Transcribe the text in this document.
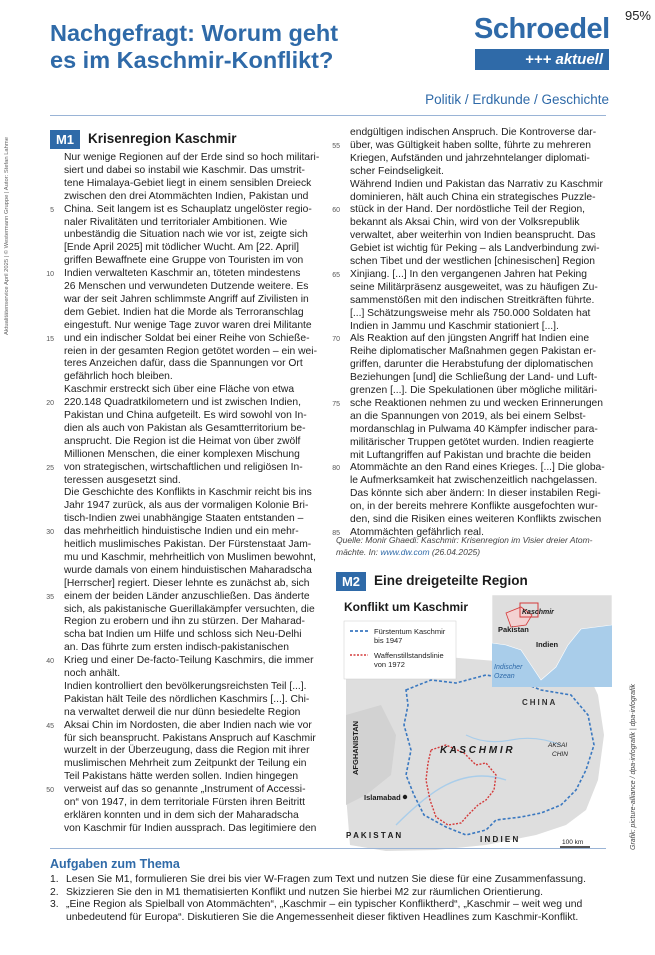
95%
Nachgefragt: Worum geht
es im Kaschmir-Konflikt?
Schroedel
+++ aktuell
Politik / Erdkunde / Geschichte
Aktualitätenservice April 2025 | © Westermann Gruppe | Autor: Stefan Lahme	M1	Krisenregion Kaschmir
Nur wenige Regionen auf der Erde sind so hoch militari-
siert und dabei so instabil wie Kaschmir. Das umstrit-
tene Himalaya-Gebiet liegt in einem sensiblen Dreieck
zwischen den drei Atommächten Indien, Pakistan und
China. Seit langem ist es Schauplatz ungelöster regio-
naler Rivalitäten und territorialer Ambitionen. Wie
unbeständig die Situation nach wie vor ist, zeigte sich
[Ende April 2025] mit tödlicher Wucht. Am [22. April]
griffen Bewaffnete eine Gruppe von Touristen im von
Indien verwalteten Kaschmir an, töteten mindestens
26 Menschen und verwundeten Dutzende weitere. Es
war der seit Jahren schlimmste Angriff auf Zivilisten in
dem Gebiet. Indien hat die Morde als Terroranschlag
eingestuft. Nur wenige Tage zuvor waren drei Militante
und ein indischer Soldat bei einer Reihe von Schieße-
reien in der gesamten Region getötet worden – ein wei-
teres Anzeichen dafür, dass die Spannungen vor Ort
gefährlich hoch bleiben.
Kaschmir erstreckt sich über eine Fläche von etwa
220.148 Quadratkilometern und ist zwischen Indien,
Pakistan und China aufgeteilt. Es wird sowohl von In-
dien als auch von Pakistan als Gesamtterritorium be-
ansprucht. Die Region ist die Heimat von über zwölf
Millionen Menschen, die einer komplexen Mischung
von strategischen, wirtschaftlichen und religiösen In-
teressen ausgesetzt sind.
Die Geschichte des Konflikts in Kaschmir reicht bis ins
Jahr 1947 zurück, als aus der vormaligen Kolonie Bri-
tisch-Indien zwei unabhängige Staaten entstanden –
das mehrheitlich hinduistische Indien und ein mehr-
heitlich muslimisches Pakistan. Der Fürstenstaat Jam-
mu und Kaschmir, mehrheitlich von Muslimen bewohnt,
wurde damals von einem hinduistischen Maharadscha
[Herrscher] regiert. Dieser lehnte es zunächst ab, sich
einem der beiden Länder anzuschließen. Das änderte
sich, als pakistanische Guerillakämpfer versuchten, die
Region zu erobern und ihn zu stürzen. Der Maharad-
scha bat Indien um Hilfe und schloss sich Neu-Delhi
an. Das führte zum ersten indisch-pakistanischen
Krieg und einer De-facto-Teilung Kaschmirs, die immer
noch anhält.
Indien kontrolliert den bevölkerungsreichsten Teil [...].
Pakistan hält Teile des nördlichen Kaschmirs [...]. Chi-
na verwaltet derweil die nur dünn besiedelte Region
Aksai Chin im Nordosten, die aber Indien nach wie vor
für sich beansprucht. Pakistans Anspruch auf Kaschmir
wurzelt in der Überzeugung, dass die Region mit ihrer
muslimischen Mehrheit zum Zeitpunkt der Teilung ein
Teil Pakistans hätte werden sollen. Indien hingegen
verweist auf das so genannte „Instrument of Accessi-
on“ von 1947, in dem territoriale Fürsten ihren Beitritt
erklären konnten und in dem sich der Maharadscha
von Kaschmir für Indien aussprach. Das legitimiere den
5
10
15
20
25
30
35
40
45
50
endgültigen indischen Anspruch. Die Kontroverse dar-
über, was Gültigkeit haben sollte, führte zu mehreren
Kriegen, Aufständen und jahrzehntelanger diplomati-
scher Feindseligkeit.
Während Indien und Pakistan das Narrativ zu Kaschmir
dominieren, hält auch China ein strategisches Puzzle-
stück in der Hand. Der nordöstliche Teil der Region,
bekannt als Aksai Chin, wird von der Volksrepublik
verwaltet, aber weiterhin von Indien beansprucht. Das
Gebiet ist wichtig für Peking – als Landverbindung zwi-
schen Tibet und der westlichen [chinesischen] Region
Xinjiang. [...] In den vergangenen Jahren hat Peking
seine Militärpräsenz ausgeweitet, was zu häufigen Zu-
sammenstößen mit den indischen Streitkräften führte.
[...] Schätzungsweise mehr als 750.000 Soldaten hat
Indien in Jammu und Kaschmir stationiert [...].
Als Reaktion auf den jüngsten Angriff hat Indien eine
Reihe diplomatischer Maßnahmen gegen Pakistan er-
griffen, darunter die Herabstufung der diplomatischen
Beziehungen [und] die Schließung der Land- und Luft-
grenzen [...]. Die Spekulationen über mögliche militäri-
sche Reaktionen nehmen zu und wecken Erinnerungen
an die Spannungen von 2019, als bei einem Selbst-
mordanschlag in Pulwama 40 Kämpfer indischer para-
militärischer Truppen getötet wurden. Indien reagierte
mit Luftangriffen auf Pakistan und brachte die beiden
Atommächte an den Rand eines Krieges. [...] Die globa-
le Aufmerksamkeit hat zwischenzeitlich nachgelassen.
Das könnte sich aber ändern: In dieser instabilen Regi-
on, in der bereits mehrere Konflikte ausgefochten wur-
den, sind die Risiken eines weiteren Konflikts zwischen
Atommächten gefährlich real.
55
60
65
70
75
80
85
Quelle: Monir Ghaedi: Kaschmir: Krisenregion im Visier dreier Atom-
mächte. In: www.dw.com (26.04.2025)
M2	Eine dreigeteilte Region
Konflikt um Kaschmir
Fürstentum Kaschmir
bis 1947
Waffenstillstandslinie
von 1972
Kaschmir
Pakistan
Indien
Indischer
Ozean
AFGHANISTAN
CHINA
K A S C H M I R	AKSAI
CHIN
Islamabad
P A K I S T A N	I N D I E N	100 km	Grafik: picture-alliance / dpa-infografik | dpa-infografik
Aufgaben zum Thema
1. Lesen Sie M1, formulieren Sie drei bis vier W-Fragen zum Text und nutzen Sie diese für eine Zusammenfassung.
2. Skizzieren Sie den in M1 thematisierten Konflikt und nutzen Sie hierbei M2 zur räumlichen Orientierung.
3. „Eine Region als Spielball von Atommächten“, „Kaschmir – ein typischer Konfliktherd“, „Kaschmir – weit weg und
unbedeutend für Europa“. Diskutieren Sie die Angemessenheit dieser fiktiven Headlines zum Kaschmir-Konflikt.
